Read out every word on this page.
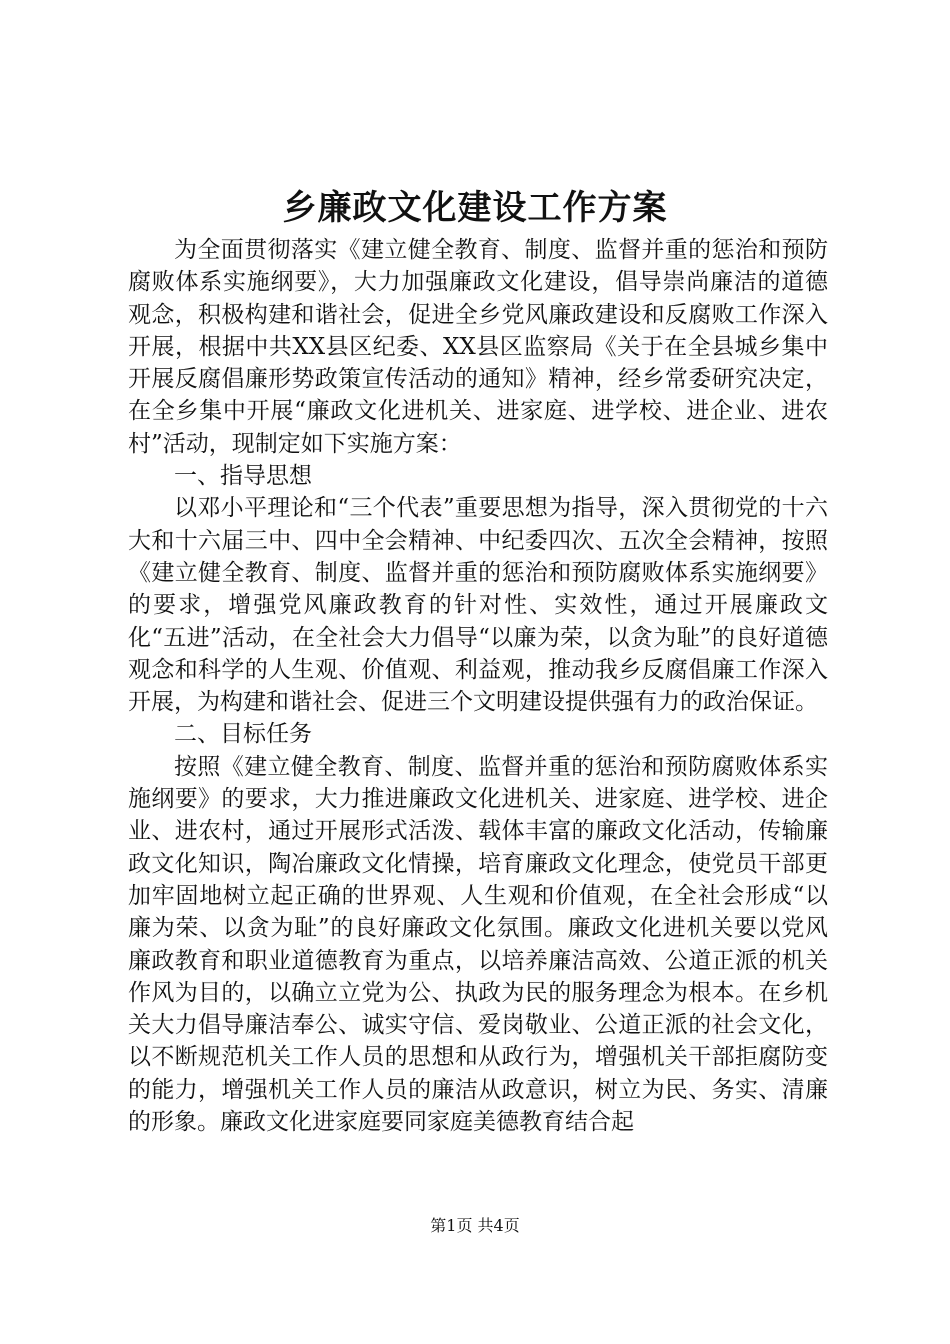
乡廉政文化建设工作方案

为全面贯彻落实《建立健全教育、制度、监督并重的惩治和预防腐败体系实施纲要》，大力加强廉政文化建设，倡导崇尚廉洁的道德观念，积极构建和谐社会，促进全乡党风廉政建设和反腐败工作深入开展，根据中共XX县区纪委、XX县区监察局《关于在全县城乡集中开展反腐倡廉形势政策宣传活动的通知》精神，经乡常委研究决定，在全乡集中开展“廉政文化进机关、进家庭、进学校、进企业、进农村”活动，现制定如下实施方案：

一、指导思想

以邓小平理论和“三个代表”重要思想为指导，深入贯彻党的十六大和十六届三中、四中全会精神、中纪委四次、五次全会精神，按照《建立健全教育、制度、监督并重的惩治和预防腐败体系实施纲要》的要求，增强党风廉政教育的针对性、实效性，通过开展廉政文化“五进”活动，在全社会大力倡导“以廉为荣，以贪为耻”的良好道德观念和科学的人生观、价值观、利益观，推动我乡反腐倡廉工作深入开展，为构建和谐社会、促进三个文明建设提供强有力的政治保证。

二、目标任务

按照《建立健全教育、制度、监督并重的惩治和预防腐败体系实施纲要》的要求，大力推进廉政文化进机关、进家庭、进学校、进企业、进农村，通过开展形式活泼、载体丰富的廉政文化活动，传输廉政文化知识，陶冶廉政文化情操，培育廉政文化理念，使党员干部更加牢固地树立起正确的世界观、人生观和价值观，在全社会形成“以廉为荣、以贪为耻”的良好廉政文化氛围。廉政文化进机关要以党风廉政教育和职业道德教育为重点，以培养廉洁高效、公道正派的机关作风为目的，以确立立党为公、执政为民的服务理念为根本。在乡机关大力倡导廉洁奉公、诚实守信、爱岗敬业、公道正派的社会文化，以不断规范机关工作人员的思想和从政行为，增强机关干部拒腐防变的能力，增强机关工作人员的廉洁从政意识，树立为民、务实、清廉的形象。廉政文化进家庭要同家庭美德教育结合起

第1页 共4页
